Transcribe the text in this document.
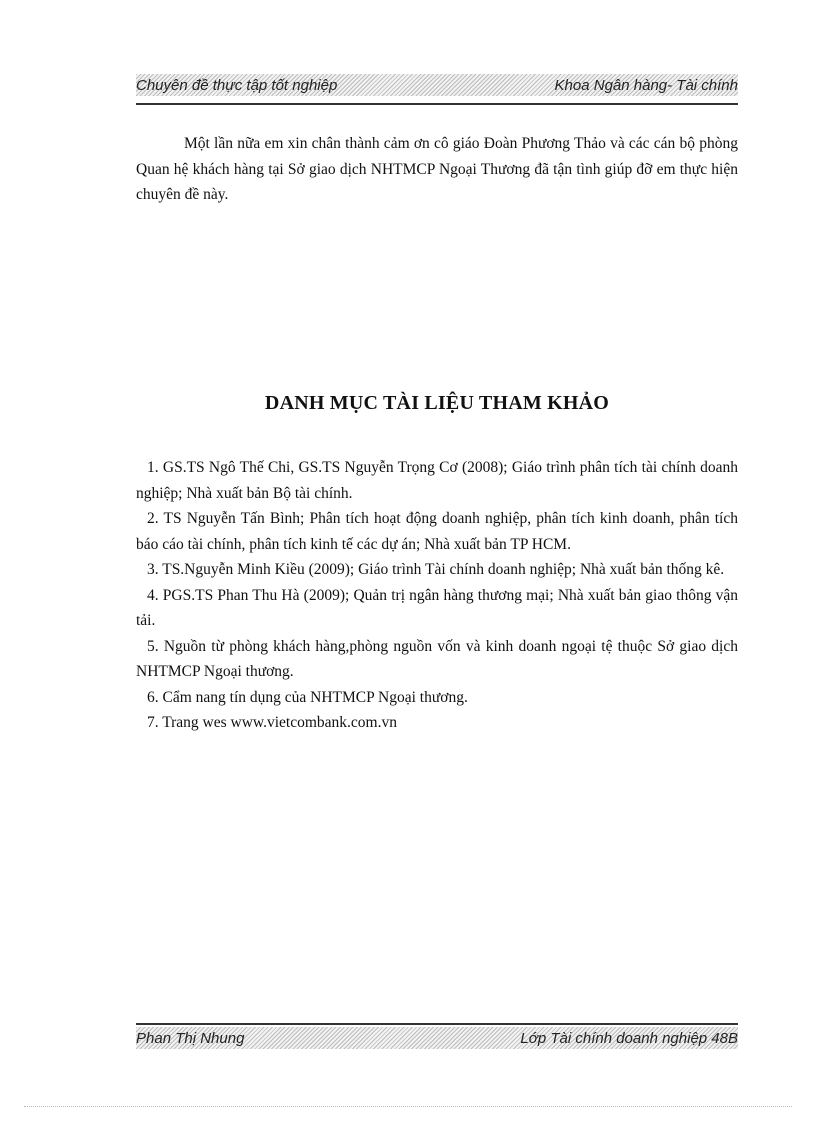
Chuyên đề thực tập tốt nghiệp	Khoa Ngân hàng- Tài chính

Một lần nữa em xin chân thành cảm ơn cô giáo Đoàn Phương Thảo và các cán bộ phòng Quan hệ khách hàng tại Sở giao dịch NHTMCP Ngoại Thương đã tận tình giúp đỡ em thực hiện chuyên đề này.

DANH MỤC TÀI LIỆU THAM KHẢO
1. GS.TS Ngô Thế Chi, GS.TS Nguyễn Trọng Cơ (2008); Giáo trình phân tích tài chính doanh nghiệp; Nhà xuất bản Bộ tài chính.
2. TS Nguyễn Tấn Bình; Phân tích hoạt động doanh nghiệp, phân tích kinh doanh, phân tích báo cáo tài chính, phân tích kinh tế các dự án; Nhà xuất bản TP HCM.
3. TS.Nguyễn Minh Kiều (2009); Giáo trình Tài chính doanh nghiệp; Nhà xuất bản thống kê.
4. PGS.TS Phan Thu Hà (2009); Quản trị ngân hàng thương mại; Nhà xuất bản giao thông vận tải.
5. Nguồn từ phòng khách hàng,phòng nguồn vốn và kinh doanh ngoại tệ thuộc Sở giao dịch NHTMCP Ngoại thương.
6. Cẩm nang tín dụng của NHTMCP Ngoại thương.
7. Trang wes www.vietcombank.com.vn
Phan Thị Nhung	Lớp Tài chính doanh nghiệp 48B
